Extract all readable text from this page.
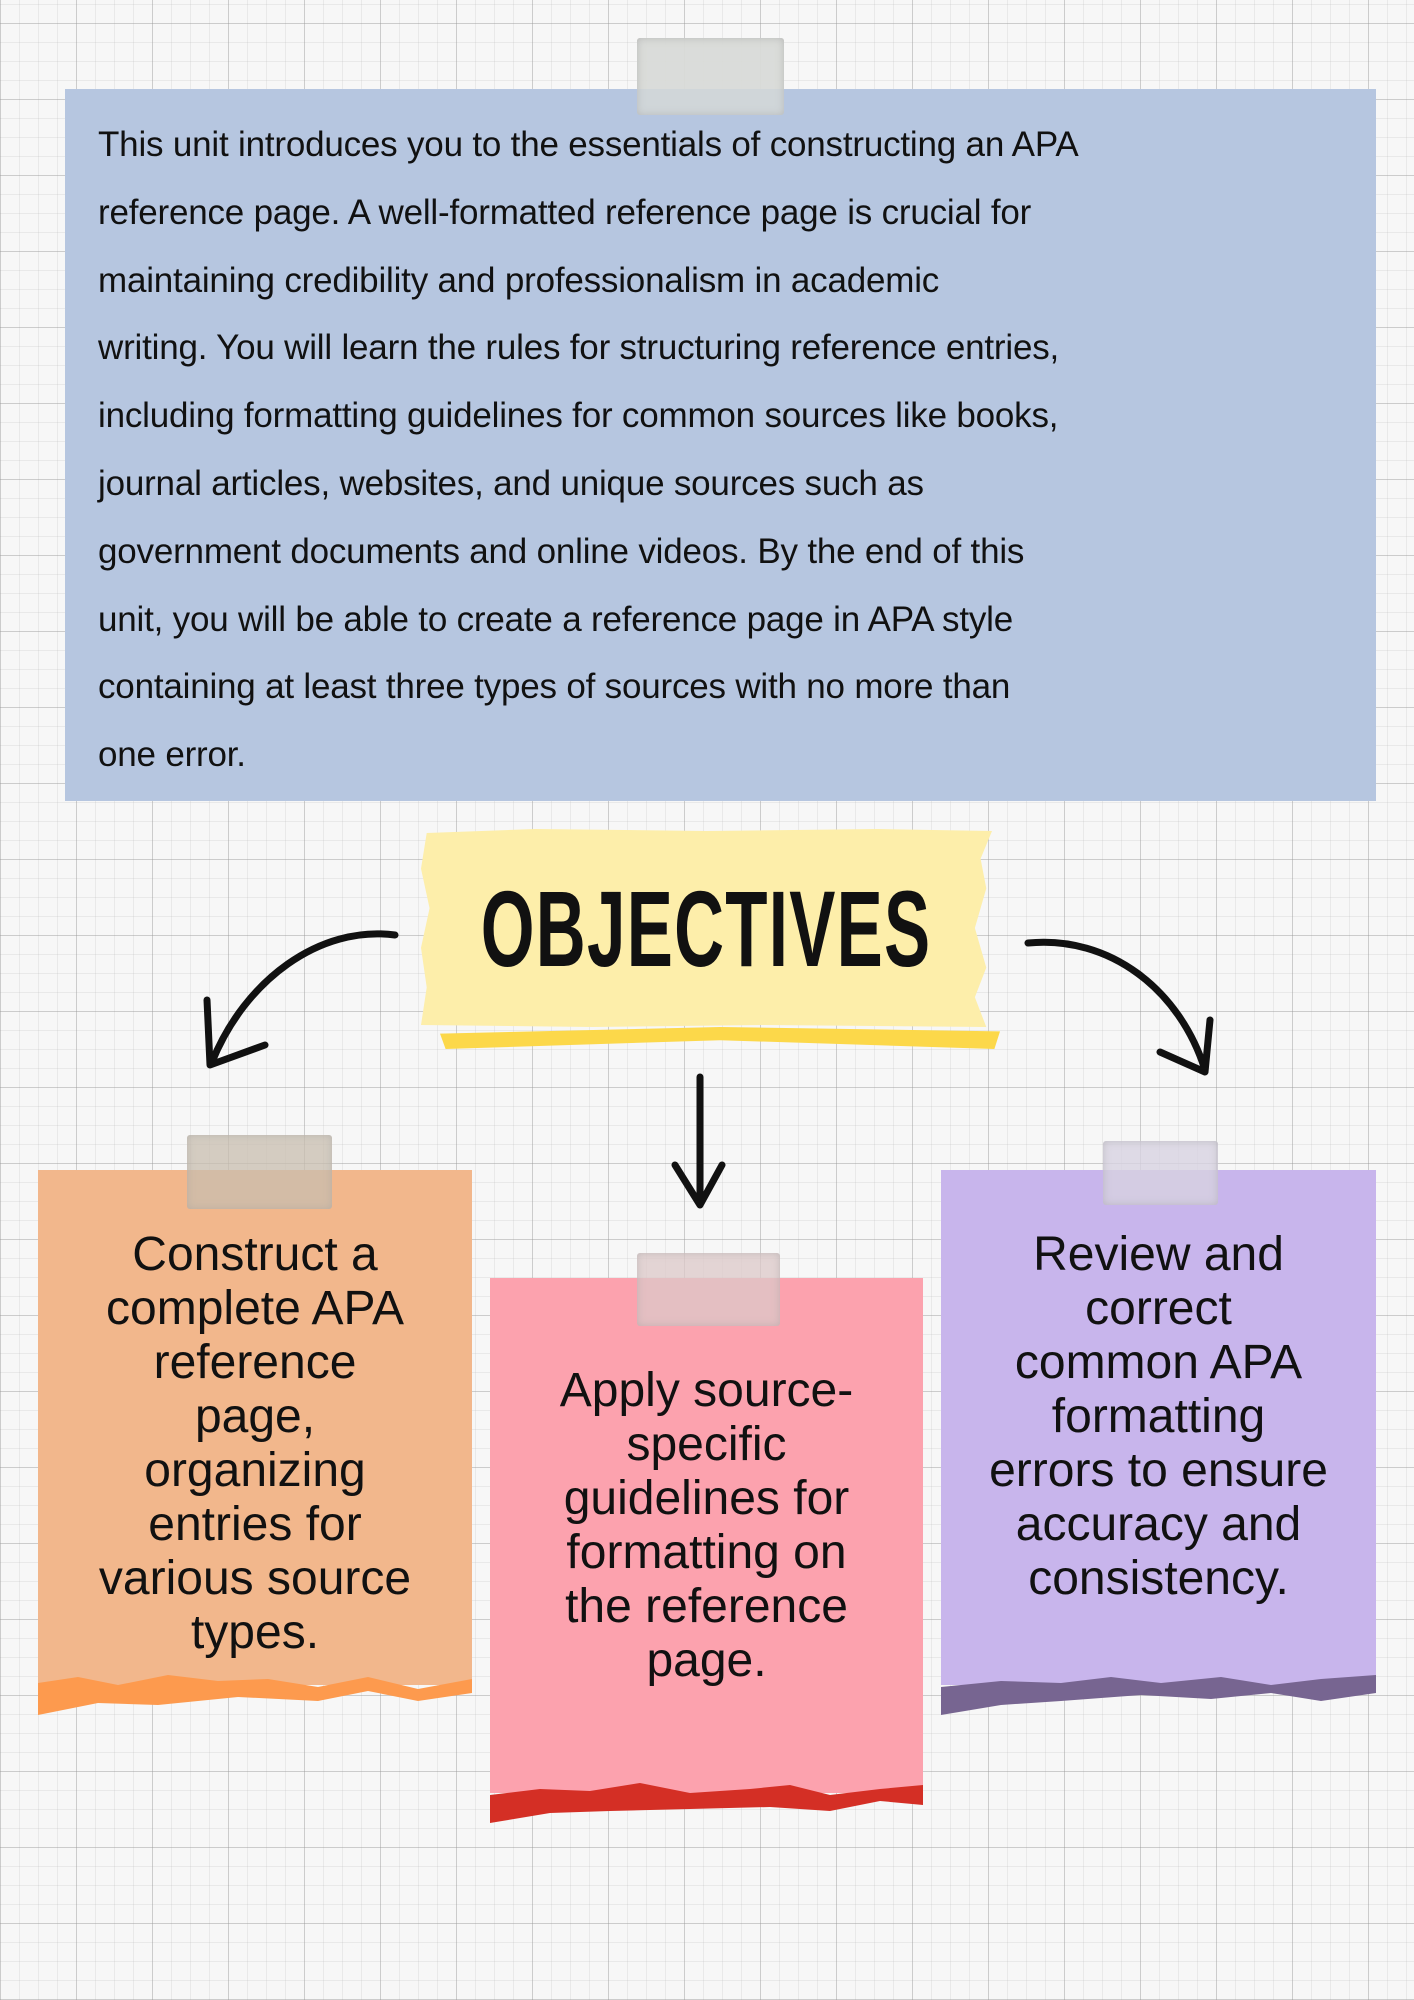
This unit introduces you to the essentials of constructing an APA
reference page. A well-formatted reference page is crucial for
maintaining credibility and professionalism in academic
writing. You will learn the rules for structuring reference entries,
including formatting guidelines for common sources like books,
journal articles, websites, and unique sources such as
government documents and online videos. By the end of this
unit, you will be able to create a reference page in APA style
containing at least three types of sources with no more than
one error.
OBJECTIVES
Construct a
complete APA
reference
page,
organizing
entries for
various source
types.
Apply source-
specific
guidelines for
formatting on
the reference
page.
Review and
correct
common APA
formatting
errors to ensure
accuracy and
consistency.
